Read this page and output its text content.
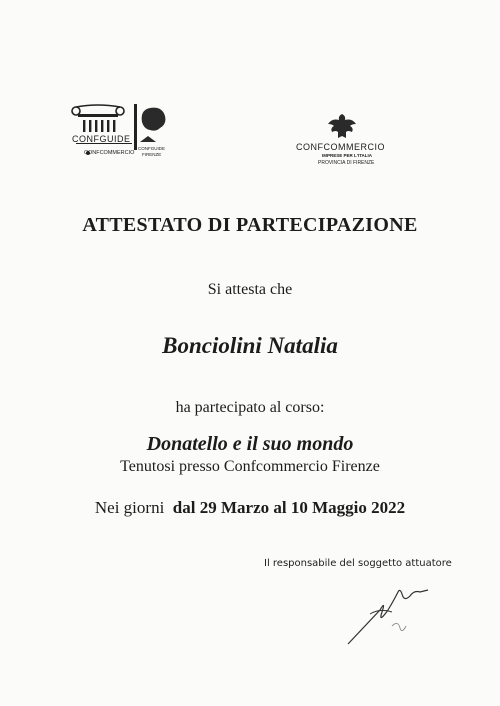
CONFGUIDE
CONFCOMMERCIO
CONFGUIDE
FIRENZE
CONFCOMMERCIO
IMPRESE PER L'ITALIA
PROVINCIA DI FIRENZE
ATTESTATO DI PARTECIPAZIONE
Si attesta che
Bonciolini Natalia
ha partecipato al corso:
Donatello e il suo mondo
Tenutosi presso Confcommercio Firenze
Nei giorni dal 29 Marzo al 10 Maggio 2022
Il responsabile del soggetto attuatore
